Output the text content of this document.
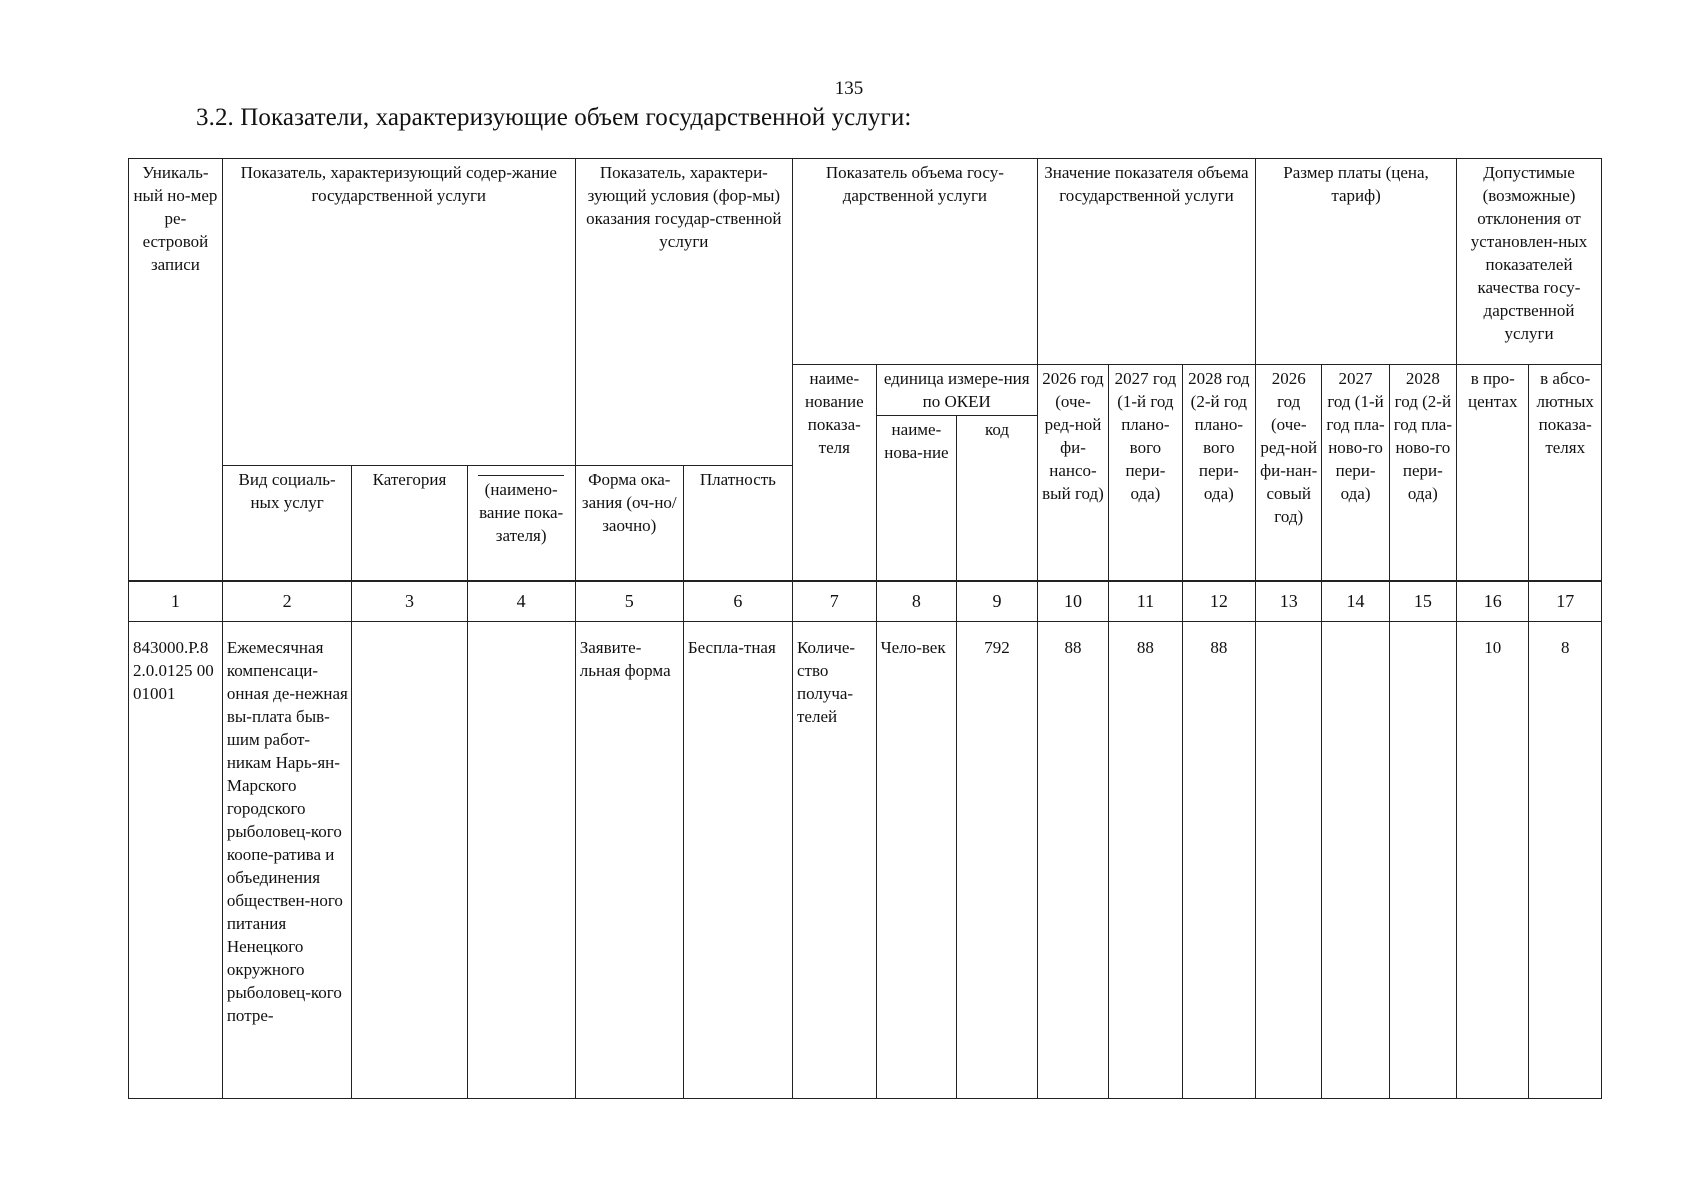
135
3.2. Показатели, характеризующие объем государственной услуги:
Уникаль-ный но-мер ре-естровой записи	Показатель, характеризующий содер-жание государственной услуги			Показатель, характери-зующий условия (фор-мы) оказания государ-ственной услуги		Показатель объема госу-дарственной услуги			Значение показателя объема государственной услуги			Размер платы (цена, тариф)			Допустимые (возможные) отклонения от установлен-ных показателей качества госу-дарственной услуги	
						наиме-нование показа-теля	единица измере-ния по ОКЕИ		2026 год (оче-ред-ной фи-нансо-вый год)	2027 год (1-й год плано-вого пери-ода)	2028 год (2-й год плано-вого пери-ода)	2026 год (оче-ред-ной фи-нан-совый год)	2027 год (1-й год пла-ново-го пери-ода)	2028 год (2-й год пла-ново-го пери-ода)	в про-центах	в абсо-лютных показа-телях
							наиме-нова-ние	код								
	Вид социаль-ных услуг	Категория	(наимено-вание пока-зателя)	Форма ока-зания (оч-но/заочно)	Платность											
1	2	3	4	5	6	7	8	9	10	11	12	13	14	15	16	17
843000.Р.82.0.0125 0001001	Ежемесячная компенсаци-онная де-нежная вы-плата быв-шим работ-никам Нарь-ян-Марского городского рыболовец-кого коопе-ратива и объединения обществен-ного питания Ненецкого окружного рыболовец-кого потре-			Заявите-льная форма	Беспла-тная	Количе-ство получа-телей	Чело-век	792	88	88	88				10	8
